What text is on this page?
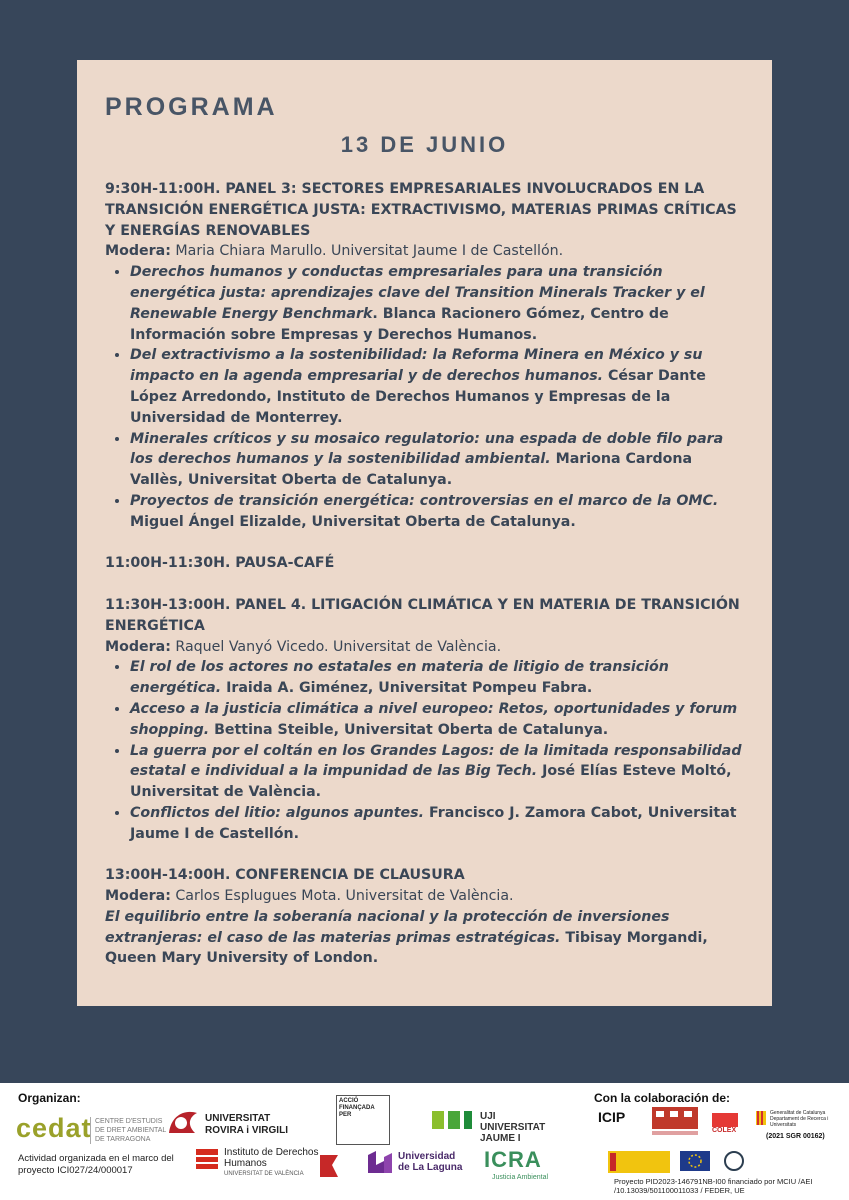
PROGRAMA
13 DE JUNIO
9:30H-11:00H. PANEL 3: SECTORES EMPRESARIALES INVOLUCRADOS EN LA TRANSICIÓN ENERGÉTICA JUSTA: EXTRACTIVISMO, MATERIAS PRIMAS CRÍTICAS Y ENERGÍAS RENOVABLES
Modera: Maria Chiara Marullo. Universitat Jaume I de Castellón.
• Derechos humanos y conductas empresariales para una transición energética justa: aprendizajes clave del Transition Minerals Tracker y el Renewable Energy Benchmark. Blanca Racionero Gómez, Centro de Información sobre Empresas y Derechos Humanos.
• Del extractivismo a la sostenibilidad: la Reforma Minera en México y su impacto en la agenda empresarial y de derechos humanos. César Dante López Arredondo, Instituto de Derechos Humanos y Empresas de la Universidad de Monterrey.
• Minerales críticos y su mosaico regulatorio: una espada de doble filo para los derechos humanos y la sostenibilidad ambiental. Mariona Cardona Vallès, Universitat Oberta de Catalunya.
• Proyectos de transición energética: controversias en el marco de la OMC. Miguel Ángel Elizalde, Universitat Oberta de Catalunya.
11:00H-11:30H. PAUSA-CAFÉ
11:30H-13:00H. PANEL 4. LITIGACIÓN CLIMÁTICA Y EN MATERIA DE TRANSICIÓN ENERGÉTICA
Modera: Raquel Vanyó Vicedo. Universitat de València.
• El rol de los actores no estatales en materia de litigio de transición energética. Iraida A. Giménez, Universitat Pompeu Fabra.
• Acceso a la justicia climática a nivel europeo: Retos, oportunidades y forum shopping. Bettina Steible, Universitat Oberta de Catalunya.
• La guerra por el coltán en los Grandes Lagos: de la limitada responsabilidad estatal e individual a la impunidad de las Big Tech. José Elías Esteve Moltó, Universitat de València.
• Conflictos del litio: algunos apuntes. Francisco J. Zamora Cabot, Universitat Jaume I de Castellón.
13:00H-14:00H. CONFERENCIA DE CLAUSURA
Modera: Carlos Esplugues Mota. Universitat de València.
El equilibrio entre la soberanía nacional y la protección de inversiones extranjeras: el caso de las materias primas estratégicas. Tibisay Morgandi, Queen Mary University of London.
Organizan:	Con la colaboración de:
cedat CENTRE D'ESTUDIS DE DRET AMBIENTAL DE TARRAGONA
UNIVERSITAT ROVIRA i VIRGILI
ACCIÓ FINANÇADA PER	UJI UNIVERSITAT JAUME I
Instituto de Derechos Humanos
UNIVERSITAT DE VALÈNCIA
Universidad de La Laguna ICRA
Justicia Ambiental
ICIP
COLEX
Generalitat de Catalunya Departament de Recerca i Universitats
(2021 SGR 00162)
Actividad organizada en el marco del proyecto ICI027/24/000017
Proyecto PID2023-146791NB-I00 financiado por MCIU /AEI /10.13039/501100011033 / FEDER, UE
